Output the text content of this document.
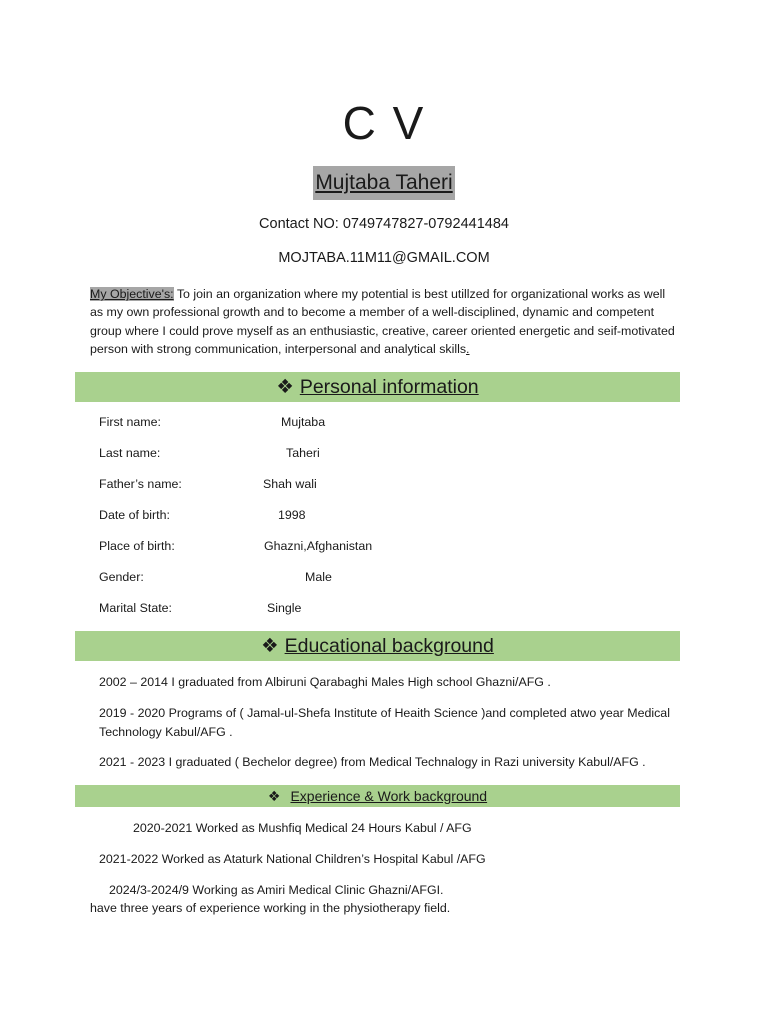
C V
Mujtaba Taheri
Contact NO: 0749747827-0792441484
MOJTABA.11M11@GMAIL.COM
My Objective's: To join an organization where my potential is best utillzed for organizational works as well as my own professional growth and to become a member of a well-disciplined, dynamic and competent group where I could prove myself as an enthusiastic, creative, career oriented energetic and seif-motivated person with strong communication, interpersonal and analytical skills.
❖ Personal information
First name:	Mujtaba
Last name:	Taheri
Father’s name:	Shah wali
Date of birth:	1998
Place of birth:	Ghazni,Afghanistan
Gender:	Male
Marital State:	Single
❖ Educational background
2002 – 2014 I graduated from Albiruni Qarabaghi Males High school Ghazni/AFG .
2019 - 2020 Programs of ( Jamal-ul-Shefa Institute of Heaith Science )and completed atwo year Medical Technology Kabul/AFG .
2021 - 2023 I graduated ( Bechelor degree) from Medical Technalogy in Razi university Kabul/AFG .
❖ Experience & Work background
2020-2021 Worked as Mushfiq Medical 24 Hours Kabul / AFG
2021-2022 Worked as Ataturk National Children’s Hospital Kabul /AFG
2024/3-2024/9 Working as Amiri Medical Clinic Ghazni/AFGI.
have three years of experience working in the physiotherapy field.
